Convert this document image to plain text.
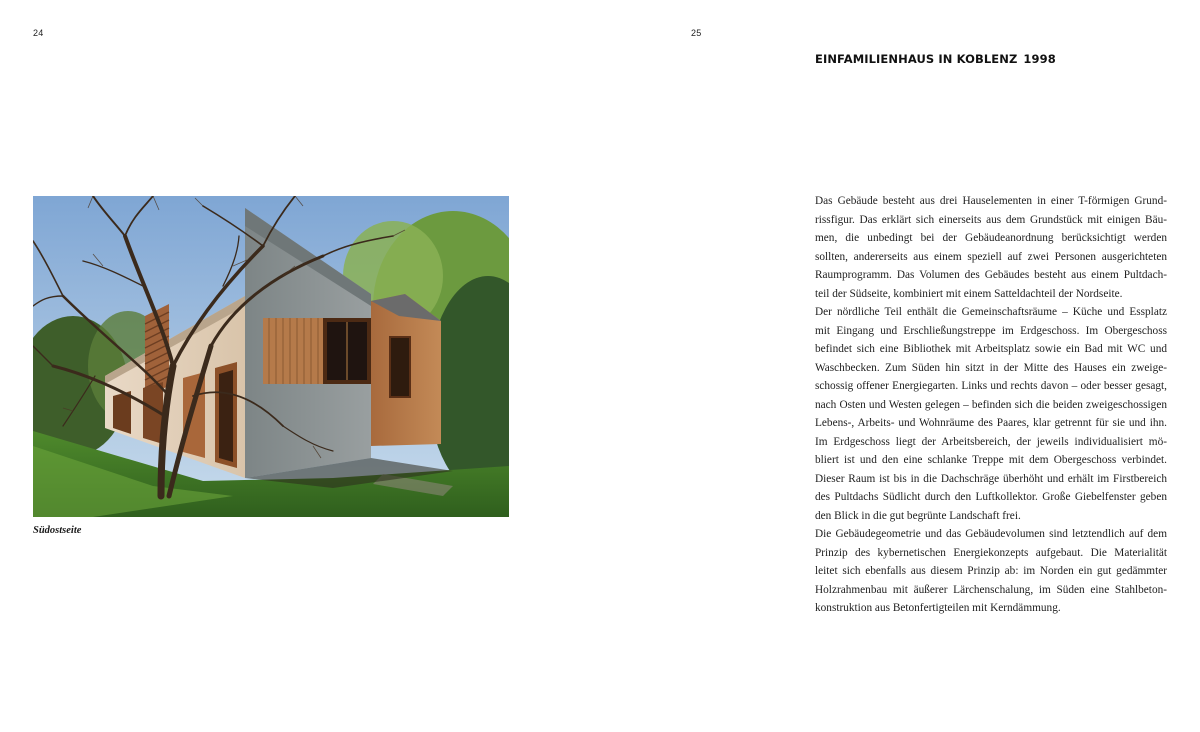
24	25
EINFAMILIENHAUS IN KOBLENZ 1998

Südostseite

Das Gebäude besteht aus drei Hauselementen in einer T-förmigen Grund-
rissfigur. Das erklärt sich einerseits aus dem Grundstück mit einigen Bäu-
men, die unbedingt bei der Gebäudeanordnung berücksichtigt werden
sollten, andererseits aus einem speziell auf zwei Personen ausgerichteten
Raumprogramm. Das Volumen des Gebäudes besteht aus einem Pultdach-
teil der Südseite, kombiniert mit einem Satteldachteil der Nordseite.
Der nördliche Teil enthält die Gemeinschaftsräume – Küche und Essplatz
mit Eingang und Erschließungstreppe im Erdgeschoss. Im Obergeschoss
befindet sich eine Bibliothek mit Arbeitsplatz sowie ein Bad mit WC und
Waschbecken. Zum Süden hin sitzt in der Mitte des Hauses ein zweige-
schossig offener Energiegarten. Links und rechts davon – oder besser gesagt,
nach Osten und Westen gelegen – befinden sich die beiden zweigeschossigen
Lebens-, Arbeits- und Wohnräume des Paares, klar getrennt für sie und ihn.
Im Erdgeschoss liegt der Arbeitsbereich, der jeweils individualisiert mö-
bliert ist und den eine schlanke Treppe mit dem Obergeschoss verbindet.
Dieser Raum ist bis in die Dachschräge überhöht und erhält im Firstbereich
des Pultdachs Südlicht durch den Luftkollektor. Große Giebelfenster geben
den Blick in die gut begrünte Landschaft frei.
Die Gebäudegeometrie und das Gebäudevolumen sind letztendlich auf dem
Prinzip des kybernetischen Energiekonzepts aufgebaut. Die Materialität
leitet sich ebenfalls aus diesem Prinzip ab: im Norden ein gut gedämmter
Holzrahmenbau mit äußerer Lärchenschalung, im Süden eine Stahlbeton-
konstruktion aus Betonfertigteilen mit Kerndämmung.
